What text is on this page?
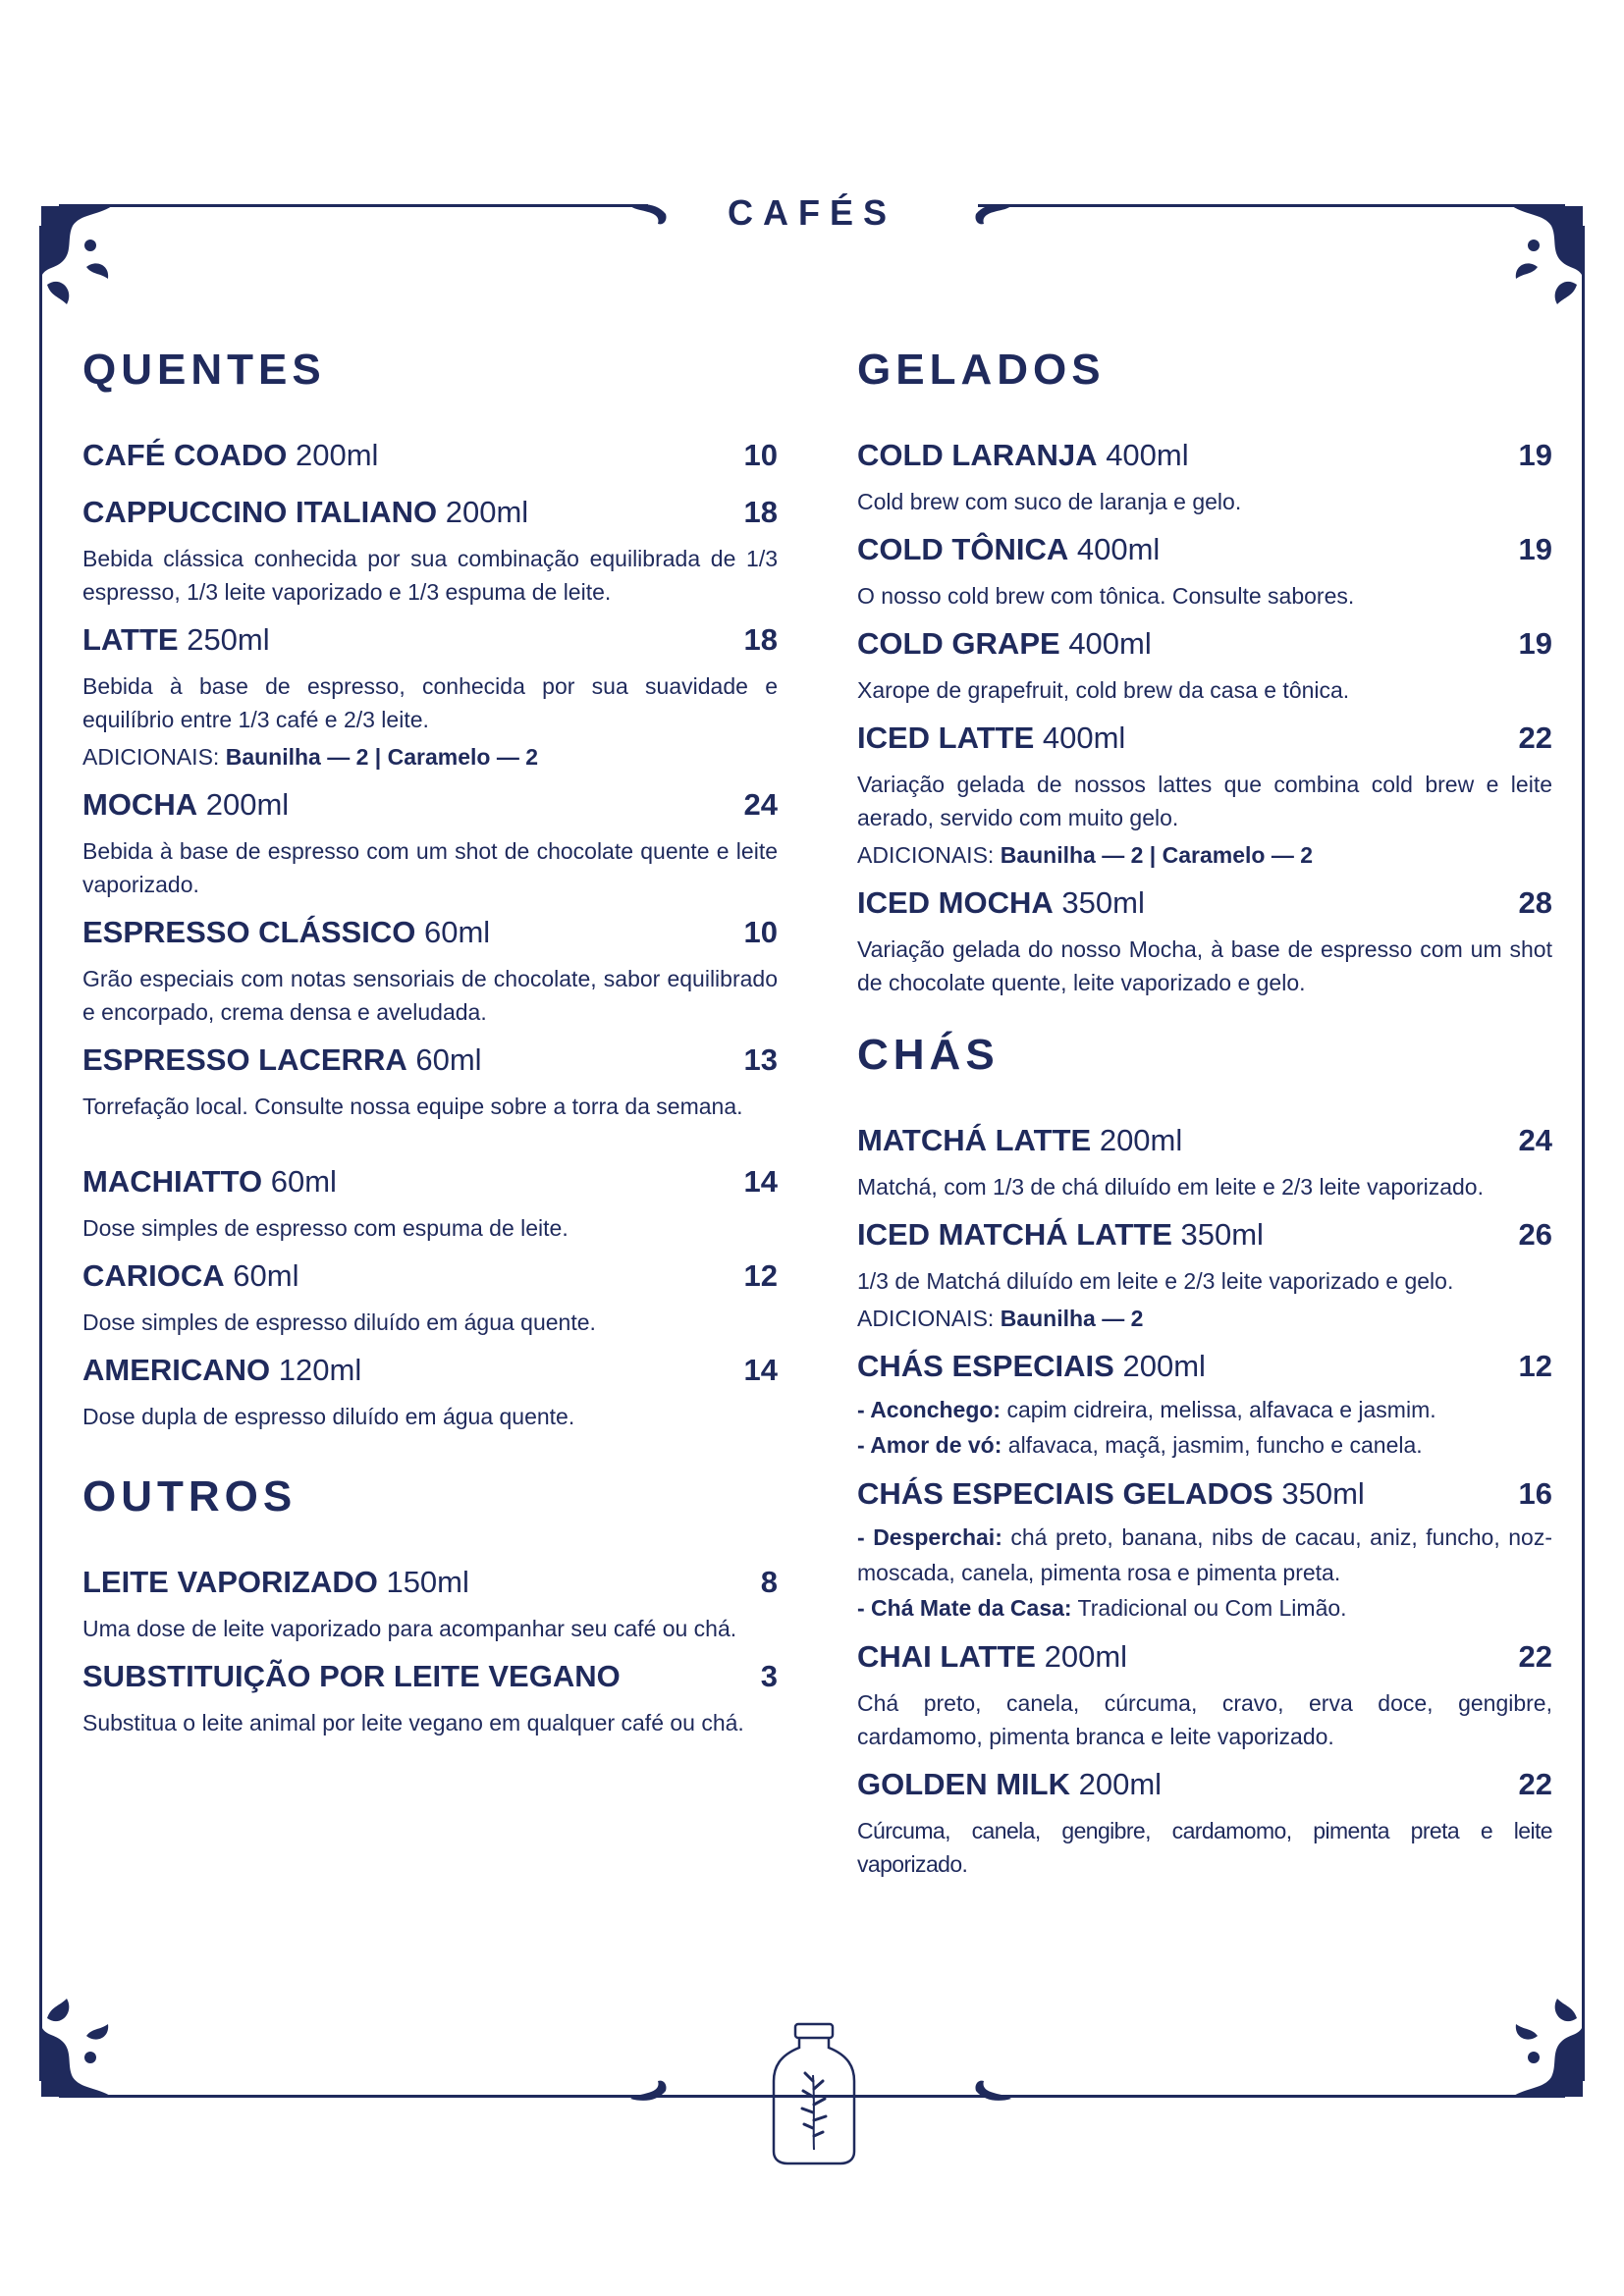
CAFÉS
QUENTES
CAFÉ COADO 200ml	10
CAPPUCCINO ITALIANO 200ml	18
Bebida clássica conhecida por sua combinação equilibrada de 1/3 espresso, 1/3 leite vaporizado e 1/3 espuma de leite.
LATTE 250ml	18
Bebida à base de espresso, conhecida por sua suavidade e equilíbrio entre 1/3 café e 2/3 leite.
ADICIONAIS: Baunilha — 2 | Caramelo — 2
MOCHA 200ml	24
Bebida à base de espresso com um shot de chocolate quente e leite vaporizado.
ESPRESSO CLÁSSICO 60ml	10
Grão especiais com notas sensoriais de chocolate, sabor equilibrado e encorpado, crema densa e aveludada.
ESPRESSO LACERRA 60ml	13
Torrefação local. Consulte nossa equipe sobre a torra da semana.
MACHIATTO 60ml	14
Dose simples de espresso com espuma de leite.
CARIOCA 60ml	12
Dose simples de espresso diluído em água quente.
AMERICANO 120ml	14
Dose dupla de espresso diluído em água quente.
OUTROS
LEITE VAPORIZADO 150ml	8
Uma dose de leite vaporizado para acompanhar seu café ou chá.
SUBSTITUIÇÃO POR LEITE VEGANO	3
Substitua o leite animal por leite vegano em qualquer café ou chá.
GELADOS
COLD LARANJA 400ml	19
Cold brew com suco de laranja e gelo.
COLD TÔNICA 400ml	19
O nosso cold brew com tônica. Consulte sabores.
COLD GRAPE 400ml	19
Xarope de grapefruit, cold brew da casa e tônica.
ICED LATTE 400ml	22
Variação gelada de nossos lattes que combina cold brew e leite aerado, servido com muito gelo.
ADICIONAIS: Baunilha — 2 | Caramelo — 2
ICED MOCHA 350ml	28
Variação gelada do nosso Mocha, à base de espresso com um shot de chocolate quente, leite vaporizado e gelo.
CHÁS
MATCHÁ LATTE 200ml	24
Matchá, com 1/3 de chá diluído em leite e 2/3 leite vaporizado.
ICED MATCHÁ LATTE 350ml	26
1/3 de Matchá diluído em leite e 2/3 leite vaporizado e gelo.
ADICIONAIS: Baunilha — 2
CHÁS ESPECIAIS 200ml	12
- Aconchego: capim cidreira, melissa, alfavaca e jasmim.
- Amor de vó: alfavaca, maçã, jasmim, funcho e canela.
CHÁS ESPECIAIS GELADOS 350ml	16
- Desperchai: chá preto, banana, nibs de cacau, aniz, funcho, noz-moscada, canela, pimenta rosa e pimenta preta.
- Chá Mate da Casa: Tradicional ou Com Limão.
CHAI LATTE 200ml	22
Chá preto, canela, cúrcuma, cravo, erva doce, gengibre, cardamomo, pimenta branca e leite vaporizado.
GOLDEN MILK 200ml	22
Cúrcuma, canela, gengibre, cardamomo, pimenta preta e leite vaporizado.
